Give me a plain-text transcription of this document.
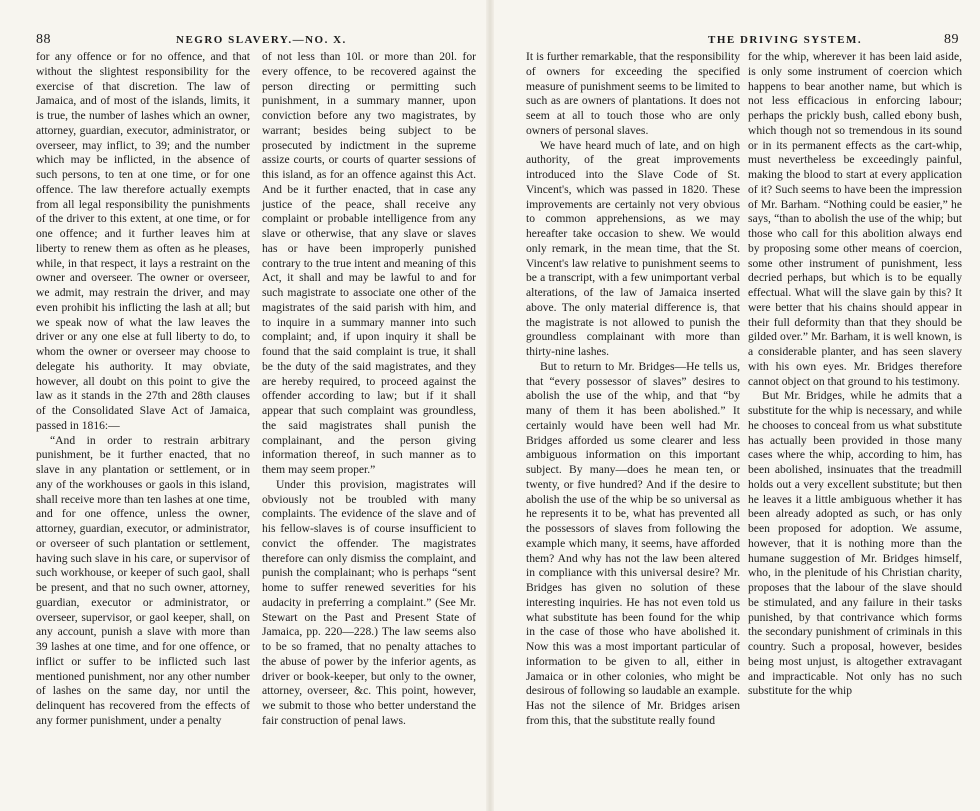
88	NEGRO SLAVERY.—NO. X.

for any offence or for no offence, and that without the slightest responsibility for the exercise of that discretion. The law of Jamaica, and of most of the islands, limits, it is true, the number of lashes which an owner, attorney, guardian, executor, administrator, or overseer, may inflict, to 39; and the number which may be inflicted, in the absence of such persons, to ten at one time, or for one offence. The law therefore actually exempts from all legal responsibility the punishments of the driver to this extent, at one time, or for one offence; and it further leaves him at liberty to renew them as often as he pleases, while, in that respect, it lays a restraint on the owner and overseer. The owner or overseer, we admit, may restrain the driver, and may even prohibit his inflicting the lash at all; but we speak now of what the law leaves the driver or any one else at full liberty to do, to whom the owner or overseer may choose to delegate his authority. It may obviate, however, all doubt on this point to give the law as it stands in the 27th and 28th clauses of the Consolidated Slave Act of Jamaica, passed in 1816:—

“And in order to restrain arbitrary punishment, be it further enacted, that no slave in any plantation or settlement, or in any of the workhouses or gaols in this island, shall receive more than ten lashes at one time, and for one offence, unless the owner, attorney, guardian, executor, or administrator, or overseer of such plantation or settlement, having such slave in his care, or supervisor of such workhouse, or keeper of such gaol, shall be present, and that no such owner, attorney, guardian, executor or administrator, or overseer, supervisor, or gaol keeper, shall, on any account, punish a slave with more than 39 lashes at one time, and for one offence, or inflict or suffer to be inflicted such last mentioned punishment, nor any other number of lashes on the same day, nor until the delinquent has recovered from the effects of any former punishment, under a penalty

of not less than 10l. or more than 20l. for every offence, to be recovered against the person directing or permitting such punishment, in a summary manner, upon conviction before any two magistrates, by warrant; besides being subject to be prosecuted by indictment in the supreme assize courts, or courts of quarter sessions of this island, as for an offence against this Act. And be it further enacted, that in case any justice of the peace, shall receive any complaint or probable intelligence from any slave or otherwise, that any slave or slaves has or have been improperly punished contrary to the true intent and meaning of this Act, it shall and may be lawful to and for such magistrate to associate one other of the magistrates of the said parish with him, and to inquire in a summary manner into such complaint; and, if upon inquiry it shall be found that the said complaint is true, it shall be the duty of the said magistrates, and they are hereby required, to proceed against the offender according to law; but if it shall appear that such complaint was groundless, the said magistrates shall punish the complainant, and the person giving information thereof, in such manner as to them may seem proper.”

Under this provision, magistrates will obviously not be troubled with many complaints. The evidence of the slave and of his fellow-slaves is of course insufficient to convict the offender. The magistrates therefore can only dismiss the complaint, and punish the complainant; who is perhaps “sent home to suffer renewed severities for his audacity in preferring a complaint.” (See Mr. Stewart on the Past and Present State of Jamaica, pp. 220—228.) The law seems also to be so framed, that no penalty attaches to the abuse of power by the inferior agents, as driver or book-keeper, but only to the owner, attorney, overseer, &c. This point, however, we submit to those who better understand the fair construction of penal laws.

THE DRIVING SYSTEM.	89

It is further remarkable, that the responsibility of owners for exceeding the specified measure of punishment seems to be limited to such as are owners of plantations. It does not seem at all to touch those who are only owners of personal slaves.

We have heard much of late, and on high authority, of the great improvements introduced into the Slave Code of St. Vincent's, which was passed in 1820. These improvements are certainly not very obvious to common apprehensions, as we may hereafter take occasion to shew. We would only remark, in the mean time, that the St. Vincent's law relative to punishment seems to be a transcript, with a few unimportant verbal alterations, of the law of Jamaica inserted above. The only material difference is, that the magistrate is not allowed to punish the groundless complainant with more than thirty-nine lashes.

But to return to Mr. Bridges—He tells us, that “every possessor of slaves” desires to abolish the use of the whip, and that “by many of them it has been abolished.” It certainly would have been well had Mr. Bridges afforded us some clearer and less ambiguous information on this important subject. By many—does he mean ten, or twenty, or five hundred? And if the desire to abolish the use of the whip be so universal as he represents it to be, what has prevented all the possessors of slaves from following the example which many, it seems, have afforded them? And why has not the law been altered in compliance with this universal desire? Mr. Bridges has given no solution of these interesting inquiries. He has not even told us what substitute has been found for the whip in the case of those who have abolished it. Now this was a most important particular of information to be given to all, either in Jamaica or in other colonies, who might be desirous of following so laudable an example. Has not the silence of Mr. Bridges arisen from this, that the substitute really found

for the whip, wherever it has been laid aside, is only some instrument of coercion which happens to bear another name, but which is not less efficacious in enforcing labour; perhaps the prickly bush, called ebony bush, which though not so tremendous in its sound or in its permanent effects as the cart-whip, must nevertheless be exceedingly painful, making the blood to start at every application of it? Such seems to have been the impression of Mr. Barham. “Nothing could be easier,” he says, “than to abolish the use of the whip; but those who call for this abolition always end by proposing some other means of coercion, some other instrument of punishment, less decried perhaps, but which is to be equally effectual. What will the slave gain by this? It were better that his chains should appear in their full deformity than that they should be gilded over.” Mr. Barham, it is well known, is a considerable planter, and has seen slavery with his own eyes. Mr. Bridges therefore cannot object on that ground to his testimony.

But Mr. Bridges, while he admits that a substitute for the whip is necessary, and while he chooses to conceal from us what substitute has actually been provided in those many cases where the whip, according to him, has been abolished, insinuates that the treadmill holds out a very excellent substitute; but then he leaves it a little ambiguous whether it has been already adopted as such, or has only been proposed for adoption. We assume, however, that it is nothing more than the humane suggestion of Mr. Bridges himself, who, in the plenitude of his Christian charity, proposes that the labour of the slave should be stimulated, and any failure in their tasks punished, by that contrivance which forms the secondary punishment of criminals in this country. Such a proposal, however, besides being most unjust, is altogether extravagant and impracticable. Not only has no such substitute for the whip
